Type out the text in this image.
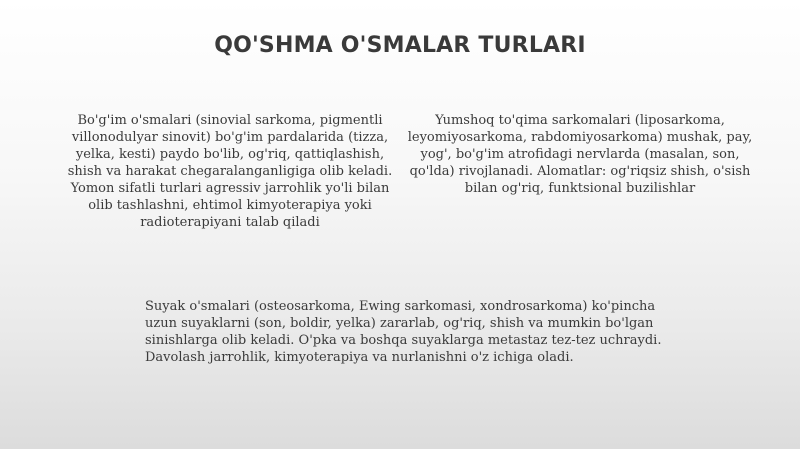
QO'SHMA O'SMALAR TURLARI
Bo'g'im o'smalari (sinovial sarkoma, pigmentli villonodulyar sinovit) bo'g'im pardalarida (tizza, yelka, kesti) paydo bo'lib, og'riq, qattiqlashish, shish va harakat chegaralanganligiga olib keladi. Yomon sifatli turlari agressiv jarrohlik yo'li bilan olib tashlashni, ehtimol kimyoterapiya yoki radioterapiyani talab qiladi
Yumshoq to'qima sarkomalari (liposarkoma, leyomiyosarkoma, rabdomiyosarkoma) mushak, pay, yog', bo'g'im atrofidagi nervlarda (masalan, son, qo'lda) rivojlanadi. Alomatlar: og'riqsiz shish, o'sish bilan og'riq, funktsional buzilishlar
Suyak o'smalari (osteosarkoma, Ewing sarkomasi, xondrosarkoma) ko'pincha uzun suyaklarni (son, boldir, yelka) zararlab, og'riq, shish va mumkin bo'lgan sinishlarga olib keladi. O'pka va boshqa suyaklarga metastaz tez-tez uchraydi. Davolash jarrohlik, kimyoterapiya va nurlanishni o'z ichiga oladi.
